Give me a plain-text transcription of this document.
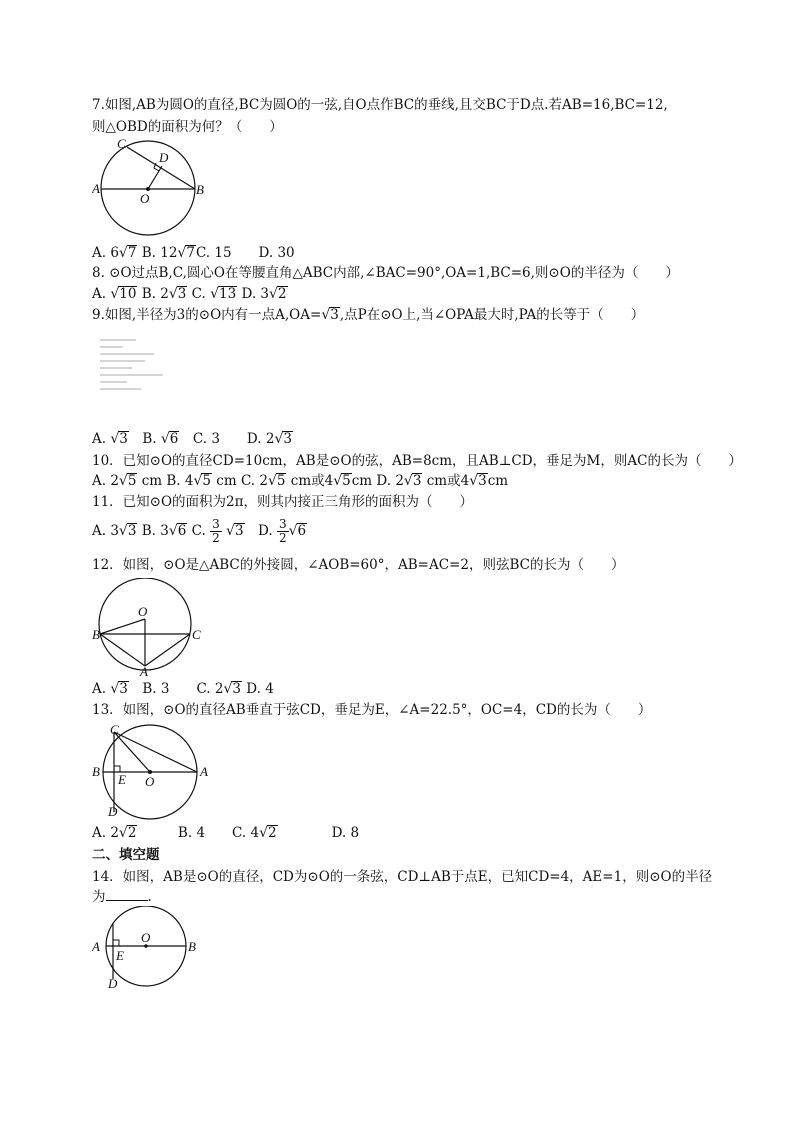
7.如图,AB为圆O的直径,BC为圆O的一弦,自O点作BC的垂线,且交BC于D点.若AB=16,BC=12,
则△OBD的面积为何？（　　）
C
D
A
O
B
A. 6√7 B. 12√7C. 15　　D. 30
8. ⊙O过点B,C,圆心O在等腰直角△ABC内部,∠BAC=90°,OA=1,BC=6,则⊙O的半径为（　　）
A. √10 B. 2√3 C. √13 D. 3√2
9.如图,半径为3的⊙O内有一点A,OA=√3,点P在⊙O上,当∠OPA最大时,PA的长等于（　　）
A. √3　B. √6　C. 3　　D. 2√3
10．已知⊙O的直径CD=10cm，AB是⊙O的弦，AB=8cm，且AB⊥CD，垂足为M，则AC的长为（　　）
A. 2√5 cm B. 4√5 cm C. 2√5 cm或4√5cm D. 2√3 cm或4√3cm
11．已知⊙O的面积为2π，则其内接正三角形的面积为（　　）
A. 3√3 B. 3√6 C. $\frac{3}{2} √3$　D. $\frac{3}{2} √6$
12．如图，⊙O是△ABC的外接圆，∠AOB=60°，AB=AC=2，则弦BC的长为（　　）
O
B	C
A
A. √3　B. 3　　C. 2√3 D. 4
13．如图，⊙O的直径AB垂直于弦CD，垂足为E，∠A=22.5°，OC=4，CD的长为（　　）
C
B
E O
A
D
A. 2√2　　　B. 4　　C. 4√2　　　　D. 8
二、填空题
14．如图，AB是⊙O的直径，CD为⊙O的一条弦，CD⊥AB于点E，已知CD=4，AE=1，则⊙O的半径
为	.
A
O
B
E
D
